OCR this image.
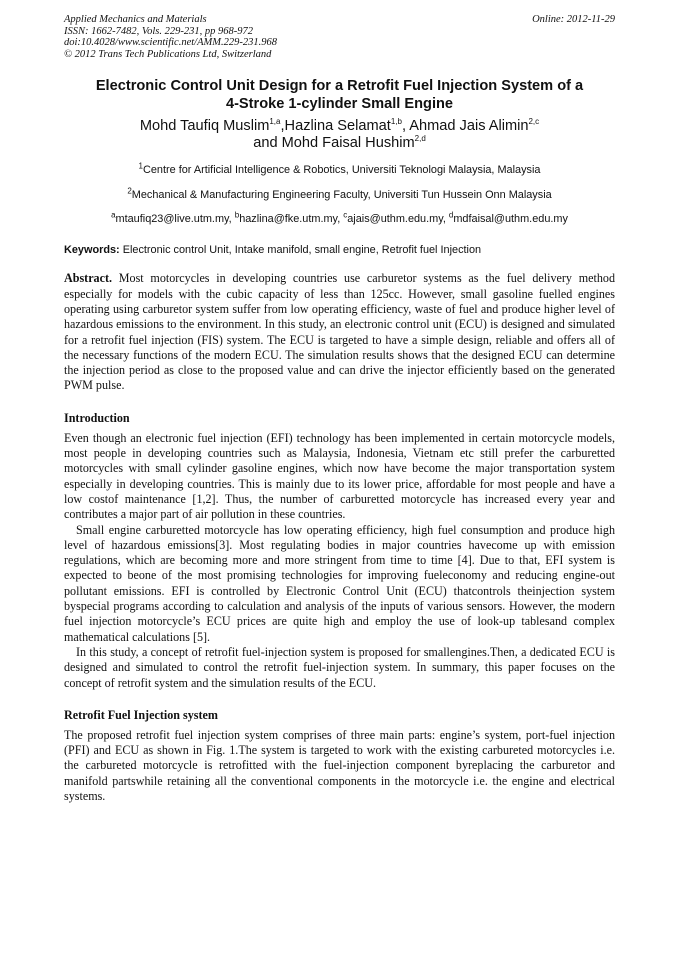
Applied Mechanics and Materials	Online: 2012-11-29
ISSN: 1662-7482, Vols. 229-231, pp 968-972
doi:10.4028/www.scientific.net/AMM.229-231.968
© 2012 Trans Tech Publications Ltd, Switzerland
Electronic Control Unit Design for a Retrofit Fuel Injection System of a
4-Stroke 1-cylinder Small Engine
Mohd Taufiq Muslim$^{1,a}$,Hazlina Selamat$^{1,b}$, Ahmad Jais Alimin$^{2,c}$
and Mohd Faisal Hushim$^{2,d}$
$^1$Centre for Artificial Intelligence & Robotics, Universiti Teknologi Malaysia, Malaysia
$^2$Mechanical & Manufacturing Engineering Faculty, Universiti Tun Hussein Onn Malaysia
$^a$mtaufiq23@live.utm.my, $^b$hazlina@fke.utm.my, $^c$ajais@uthm.edu.my, $^d$mdfaisal@uthm.edu.my
Keywords: Electronic control Unit, Intake manifold, small engine, Retrofit fuel Injection

Abstract. Most motorcycles in developing countries use carburetor systems as the fuel delivery method especially for models with the cubic capacity of less than 125cc. However, small gasoline fuelled engines operating using carburetor system suffer from low operating efficiency, waste of fuel and produce higher level of hazardous emissions to the environment. In this study, an electronic control unit (ECU) is designed and simulated for a retrofit fuel injection (FIS) system. The ECU is targeted to have a simple design, reliable and offers all of the necessary functions of the modern ECU. The simulation results shows that the designed ECU can determine the injection period as close to the proposed value and can drive the injector efficiently based on the generated PWM pulse.

Introduction

Even though an electronic fuel injection (EFI) technology has been implemented in certain motorcycle models, most people in developing countries such as Malaysia, Indonesia, Vietnam etc still prefer the carburetted motorcycles with small cylinder gasoline engines, which now have become the major transportation system especially in developing countries. This is mainly due to its lower price, affordable for most people and have a low costof maintenance [1,2]. Thus, the number of carburetted motorcycle has increased every year and contributes a major part of air pollution in these countries.

Small engine carburetted motorcycle has low operating efficiency, high fuel consumption and produce high level of hazardous emissions[3]. Most regulating bodies in major countries havecome up with emission regulations, which are becoming more and more stringent from time to time [4]. Due to that, EFI system is expected to beone of the most promising technologies for improving fueleconomy and reducing engine-out pollutant emissions. EFI is controlled by Electronic Control Unit (ECU) thatcontrols theinjection system byspecial programs according to calculation and analysis of the inputs of various sensors. However, the modern fuel injection motorcycle’s ECU prices are quite high and employ the use of look-up tablesand complex mathematical calculations [5].

In this study, a concept of retrofit fuel-injection system is proposed for smallengines.Then, a dedicated ECU is designed and simulated to control the retrofit fuel-injection system. In summary, this paper focuses on the concept of retrofit system and the simulation results of the ECU.

Retrofit Fuel Injection system

The proposed retrofit fuel injection system comprises of three main parts: engine’s system, port-fuel injection (PFI) and ECU as shown in Fig. 1.The system is targeted to work with the existing carbureted motorcycles i.e. the carbureted motorcycle is retrofitted with the fuel-injection component byreplacing the carburetor and manifold partswhile retaining all the conventional components in the motorcycle i.e. the engine and electrical systems.
